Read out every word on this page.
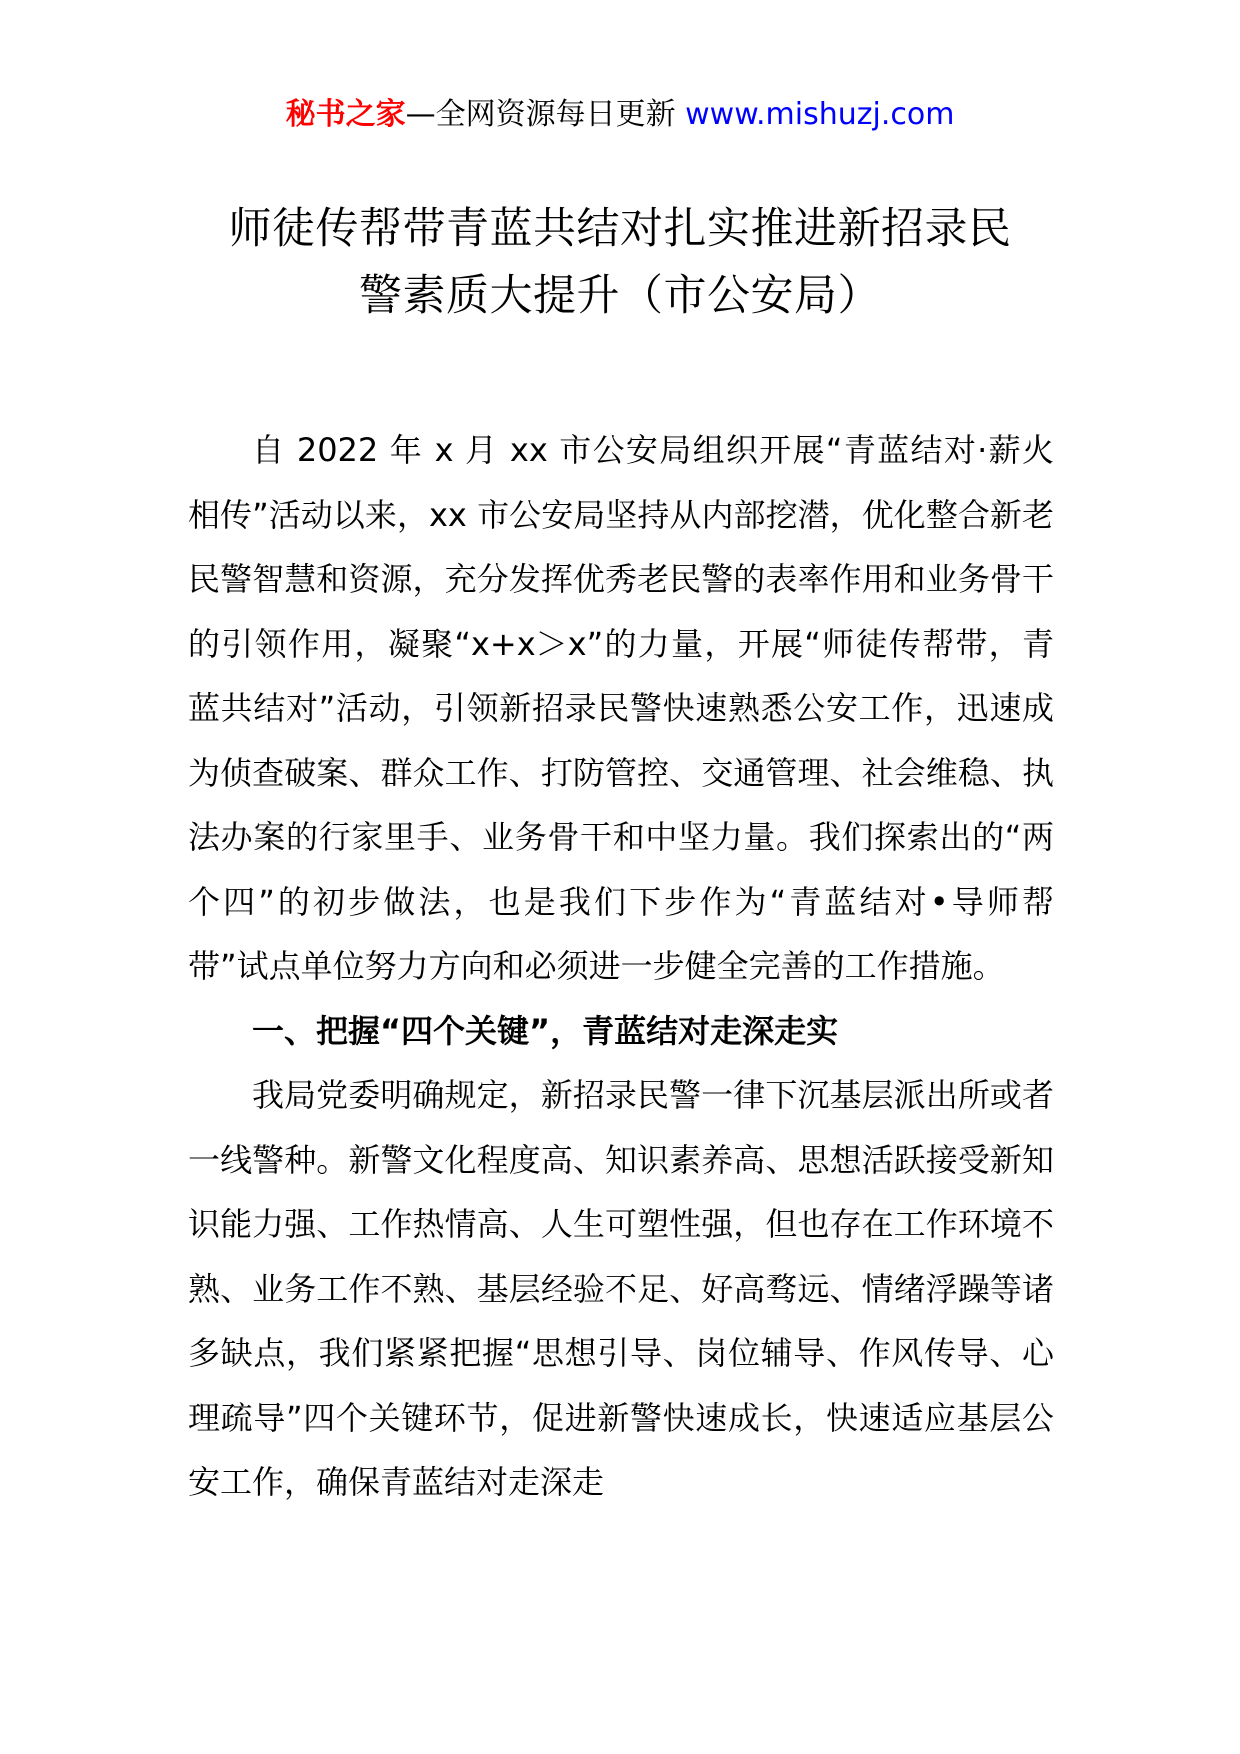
秘书之家—全网资源每日更新 www.mishuzj.com
师徒传帮带青蓝共结对扎实推进新招录民
警素质大提升（市公安局）

自 2022 年 x 月 xx 市公安局组织开展“青蓝结对·薪火相传”活动以来，xx 市公安局坚持从内部挖潜，优化整合新老民警智慧和资源，充分发挥优秀老民警的表率作用和业务骨干的引领作用，凝聚“x+x＞x”的力量，开展“师徒传帮带，青蓝共结对”活动，引领新招录民警快速熟悉公安工作，迅速成为侦查破案、群众工作、打防管控、交通管理、社会维稳、执法办案的行家里手、业务骨干和中坚力量。我们探索出的“两个四”的初步做法，也是我们下步作为“青蓝结对•导师帮带”试点单位努力方向和必须进一步健全完善的工作措施。

一、把握“四个关键”，青蓝结对走深走实

我局党委明确规定，新招录民警一律下沉基层派出所或者一线警种。新警文化程度高、知识素养高、思想活跃接受新知识能力强、工作热情高、人生可塑性强，但也存在工作环境不熟、业务工作不熟、基层经验不足、好高骛远、情绪浮躁等诸多缺点，我们紧紧把握“思想引导、岗位辅导、作风传导、心理疏导”四个关键环节，促进新警快速成长，快速适应基层公安工作，确保青蓝结对走深走
